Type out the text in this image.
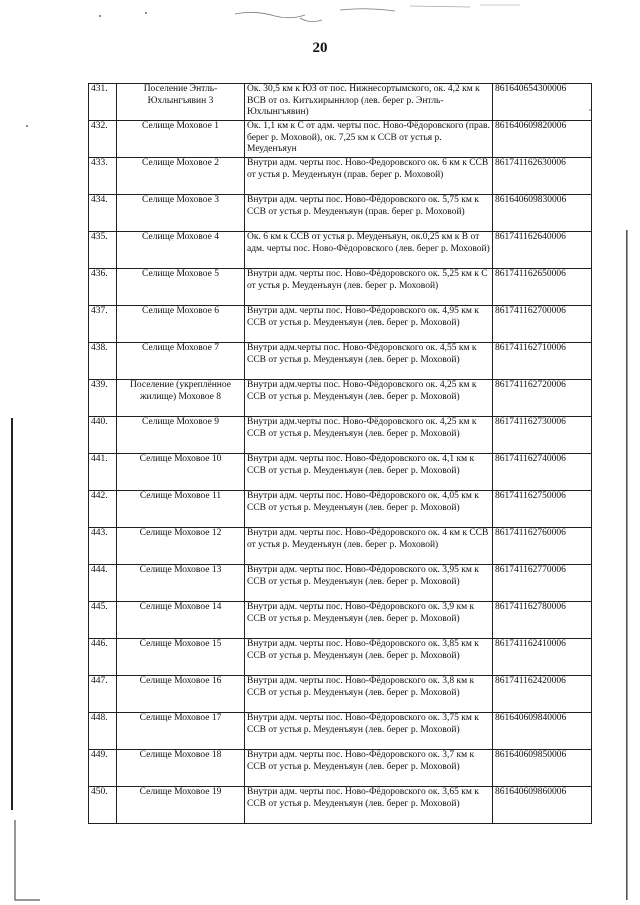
20
431.	Поселение Энтль-Юхлынгъявин 3	Ок. 30,5 км к ЮЗ от пос. Нижнесортымского, ок. 4,2 км к ВСВ от оз. Китъхирыннлор (лев. берег р. Энтль-Юхлынгъявин)	861640654300006
432.	Селище Моховое 1	Ок. 1,1 км к С от адм. черты пос. Ново-Фёдоровского (прав. берег р. Моховой), ок. 7,25 км к ССВ от устья р. Меуденъяун	861640609820006
433.	Селище Моховое 2	Внутри адм. черты пос. Ново-Федоровского ок. 6 км к ССВ от устья р. Меуденъяун (прав. берег р. Моховой)	861741162630006
434.	Селище Моховое 3	Внутри адм. черты пос. Ново-Фёдоровского ок. 5,75 км к ССВ от устья р. Меуденъяун (прав. берег р. Моховой)	861640609830006
435.	Селище Моховое 4	Ок. 6 км к ССВ от устья р. Меуденъяун, ок.0,25 км к В от адм. черты пос. Ново-Фёдоровского (лев. берег р. Моховой)	861741162640006
436.	Селище Моховое 5	Внутри адм. черты пос. Ново-Фёдоровского ок. 5,25 км к С от устья р. Меуденъяун (лев. берег р. Моховой)	861741162650006
437.	Селище Моховое 6	Внутри адм. черты пос. Ново-Фёдоровского ок. 4,95 км к ССВ от устья р. Меуденъяун (лев. берег р. Моховой)	861741162700006
438.	Селище Моховое 7	Внутри адм.черты пос. Ново-Фёдоровского ок. 4,55 км к ССВ от устья р. Меуденъяун (лев. берег р. Моховой)	861741162710006
439.	Поселение (укреплённое жилище) Моховое 8	Внутри адм.черты пос. Ново-Фёдоровского ок. 4,25 км к ССВ от устья р. Меуденъяун (лев. берег р. Моховой)	861741162720006
440.	Селище Моховое 9	Внутри адм.черты пос. Ново-Фёдоровского ок. 4,25 км к ССВ от устья р. Меуденъяун (лев. берег р. Моховой)	861741162730006
441.	Селище Моховое 10	Внутри адм. черты пос. Ново-Фёдоровского ок. 4,1 км к ССВ от устья р. Меуденъяун (лев. берег р. Моховой)	861741162740006
442.	Селище Моховое 11	Внутри адм. черты пос. Ново-Фёдоровского ок. 4,05 км к ССВ от устья р. Меуденъяун (лев. берег р. Моховой)	861741162750006
443.	Селище Моховое 12	Внутри адм. черты пос. Ново-Фёдоровского ок. 4 км к ССВ от устья р. Меуденъяун (лев. берег р. Моховой)	861741162760006
444.	Селище Моховое 13	Внутри адм. черты пос. Ново-Фёдоровского ок. 3,95 км к ССВ от устья р. Меуденъяун (лев. берег р. Моховой)	861741162770006
445.	Селище Моховое 14	Внутри адм. черты пос. Ново-Фёдоровского ок. 3,9 км к ССВ от устья р. Меуденъяун (лев. берег р. Моховой)	861741162780006
446.	Селище Моховое 15	Внутри адм. черты пос. Ново-Фёдоровского ок. 3,85 км к ССВ от устья р. Меуденъяун (лев. берег р. Моховой)	861741162410006
447.	Селище Моховое 16	Внутри адм. черты пос. Ново-Фёдоровского ок. 3,8 км к ССВ от устья р. Меуденъяун (лев. берег р. Моховой)	861741162420006
448.	Селище Моховое 17	Внутри адм. черты пос. Ново-Фёдоровского ок. 3,75 км к ССВ от устья р. Меуденъяун (лев. берег р. Моховой)	861640609840006
449.	Селище Моховое 18	Внутри адм. черты пос. Ново-Фёдоровского ок. 3,7 км к ССВ от устья р. Меуденъяун (лев. берег р. Моховой)	861640609850006
450.	Селище Моховое 19	Внутри адм. черты пос. Ново-Фёдоровского ок. 3,65 км к ССВ от устья р. Меуденъяун (лев. берег р. Моховой)	861640609860006
